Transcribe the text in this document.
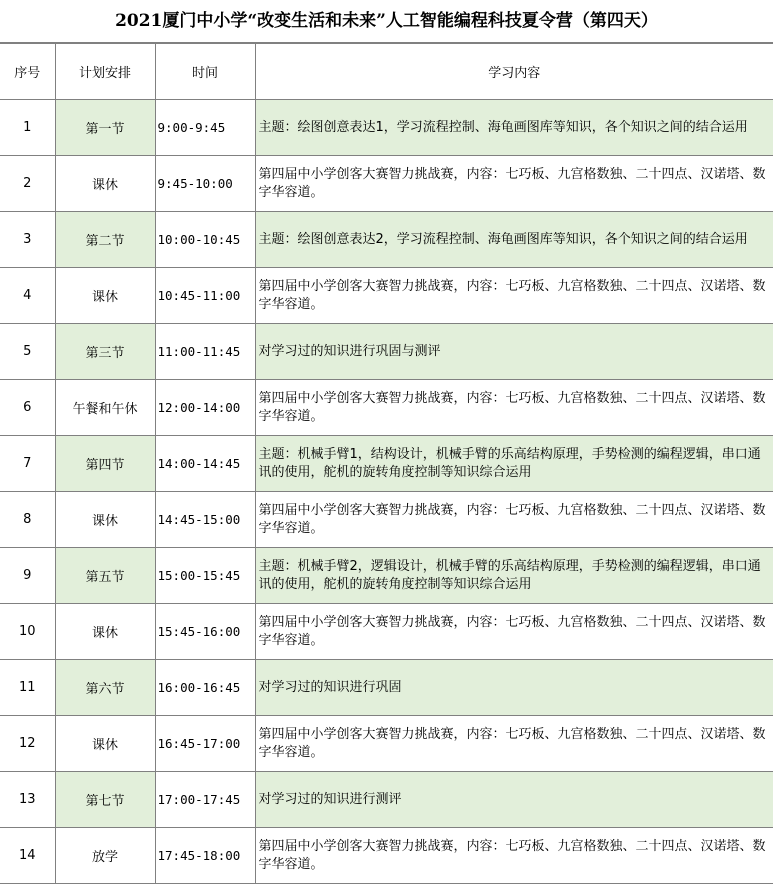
2021厦门中小学“改变生活和未来”人工智能编程科技夏令营（第四天）
序号	计划安排	时间	学习内容
1	第一节	9:00-9:45	主题：绘图创意表达1，学习流程控制、海龟画图库等知识，各个知识之间的结合运用
2	课休	9:45-10:00	第四届中小学创客大赛智力挑战赛，内容：七巧板、九宫格数独、二十四点、汉诺塔、数字华容道。
3	第二节	10:00-10:45	主题：绘图创意表达2，学习流程控制、海龟画图库等知识，各个知识之间的结合运用
4	课休	10:45-11:00	第四届中小学创客大赛智力挑战赛，内容：七巧板、九宫格数独、二十四点、汉诺塔、数字华容道。
5	第三节	11:00-11:45	对学习过的知识进行巩固与测评
6	午餐和午休	12:00-14:00	第四届中小学创客大赛智力挑战赛，内容：七巧板、九宫格数独、二十四点、汉诺塔、数字华容道。
7	第四节	14:00-14:45	主题：机械手臂1，结构设计，机械手臂的乐高结构原理，手势检测的编程逻辑，串口通讯的使用，舵机的旋转角度控制等知识综合运用
8	课休	14:45-15:00	第四届中小学创客大赛智力挑战赛，内容：七巧板、九宫格数独、二十四点、汉诺塔、数字华容道。
9	第五节	15:00-15:45	主题：机械手臂2，逻辑设计，机械手臂的乐高结构原理，手势检测的编程逻辑，串口通讯的使用，舵机的旋转角度控制等知识综合运用
10	课休	15:45-16:00	第四届中小学创客大赛智力挑战赛，内容：七巧板、九宫格数独、二十四点、汉诺塔、数字华容道。
11	第六节	16:00-16:45	对学习过的知识进行巩固
12	课休	16:45-17:00	第四届中小学创客大赛智力挑战赛，内容：七巧板、九宫格数独、二十四点、汉诺塔、数字华容道。
13	第七节	17:00-17:45	对学习过的知识进行测评
14	放学	17:45-18:00	第四届中小学创客大赛智力挑战赛，内容：七巧板、九宫格数独、二十四点、汉诺塔、数字华容道。
